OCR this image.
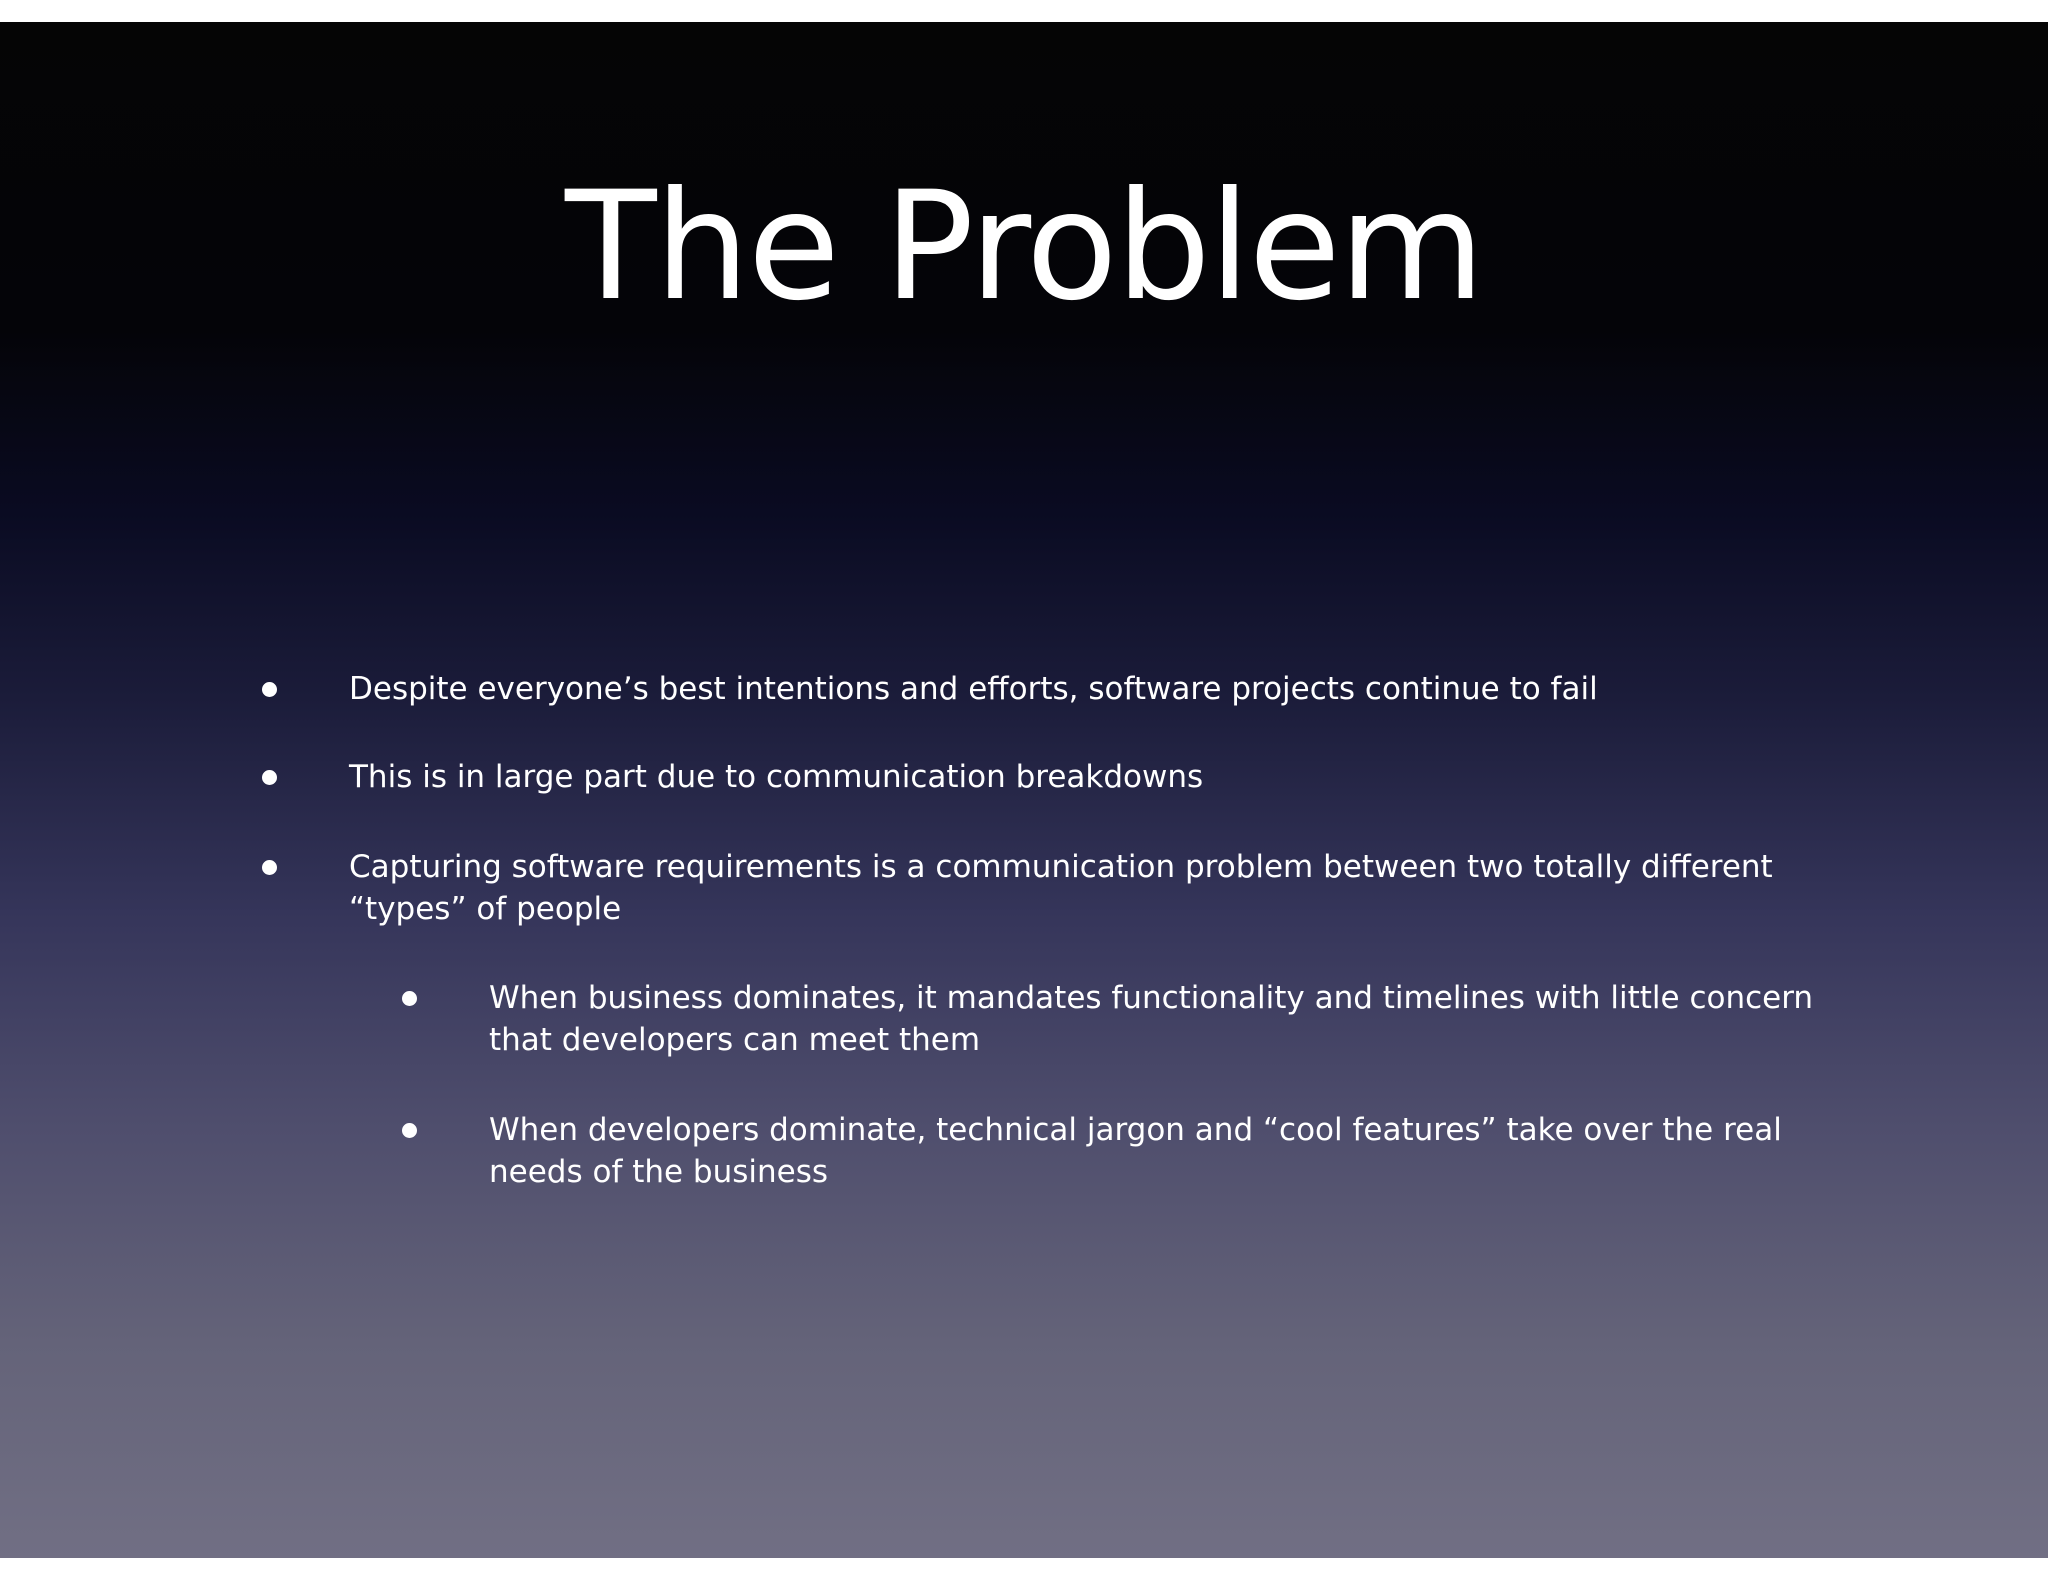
The Problem
Despite everyone’s best intentions and efforts, software projects continue to fail
This is in large part due to communication breakdowns
Capturing software requirements is a communication problem between two totally different “types” of people
When business dominates, it mandates functionality and timelines with little concern that developers can meet them
When developers dominate, technical jargon and “cool features” take over the real needs of the business
